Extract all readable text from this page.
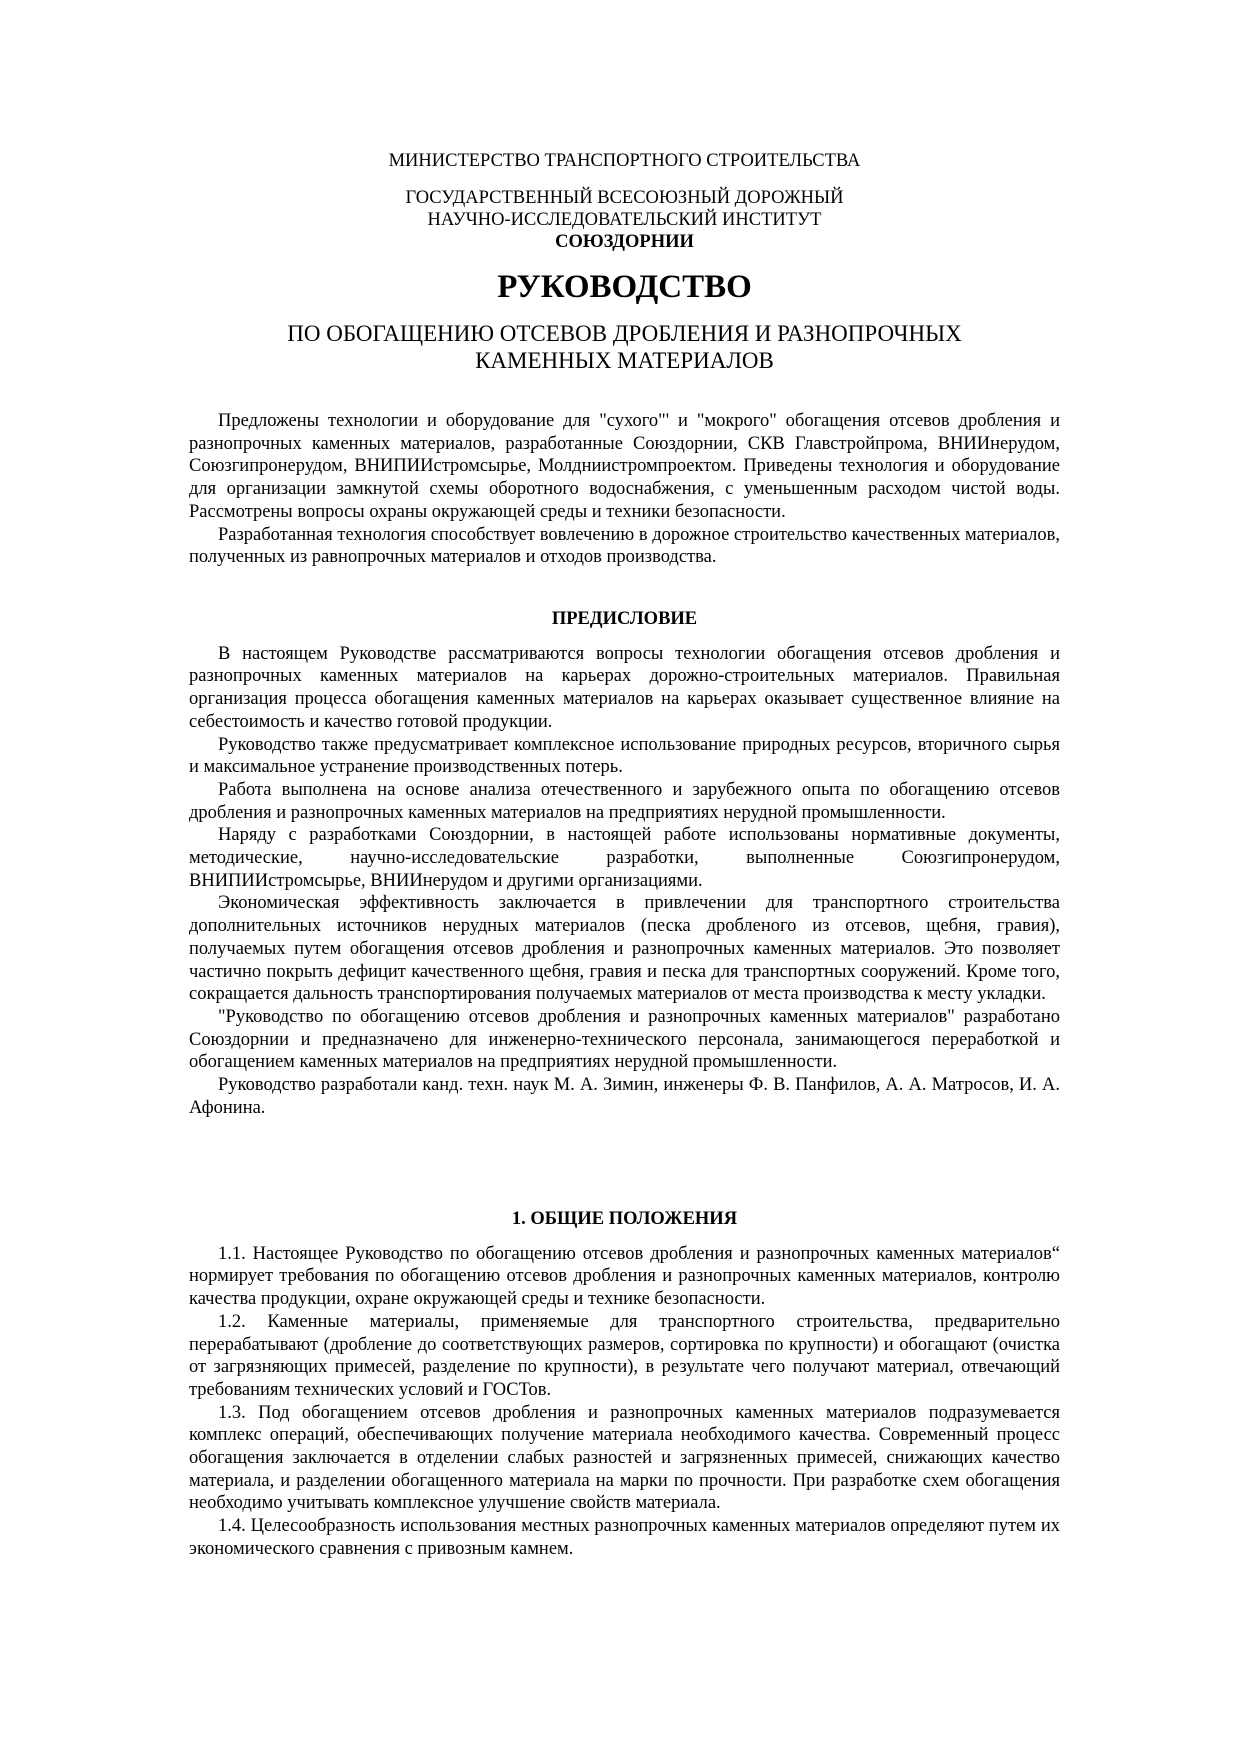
МИНИСТЕРСТВО ТРАНСПОРТНОГО СТРОИТЕЛЬСТВА
ГОСУДАРСТВЕННЫЙ ВСЕСОЮЗНЫЙ ДОРОЖНЫЙ
НАУЧНО-ИССЛЕДОВАТЕЛЬСКИЙ ИНСТИТУТ
СОЮЗДОРНИИ
РУКОВОДСТВО
ПО ОБОГАЩЕНИЮ ОТСЕВОВ ДРОБЛЕНИЯ И РАЗНОПРОЧНЫХ
КАМЕННЫХ МАТЕРИАЛОВ

Предложены технологии и оборудование для "сухого"' и "мокрого" обогащения отсевов дробления и разнопрочных каменных материалов, разработанные Союздорнии, СКВ Главстройпрома, ВНИИнерудом, Союзгипронерудом, ВНИПИИстромсырье, Молдниистромпроектом. Приведены технология и оборудование для организации замкнутой схемы оборотного водоснабжения, с уменьшенным расходом чистой воды. Рассмотрены вопросы охраны окружающей среды и техники безопасности.

Разработанная технология способствует вовлечению в дорожное строительство качественных материалов, полученных из равнопрочных материалов и отходов производства.

ПРЕДИСЛОВИЕ

В настоящем Руководстве рассматриваются вопросы технологии обогащения отсевов дробления и разнопрочных каменных материалов на карьерах дорожно-строительных материалов. Правильная организация процесса обогащения каменных материалов на карьерах оказывает существенное влияние на себестоимость и качество готовой продукции.

Руководство также предусматривает комплексное использование природных ресурсов, вторичного сырья и максимальное устранение производственных потерь.

Работа выполнена на основе анализа отечественного и зарубежного опыта по обогащению отсевов дробления и разнопрочных каменных материалов на предприятиях нерудной промышленности.

Наряду с разработками Союздорнии, в настоящей работе использованы нормативные документы, методические, научно-исследовательские разработки, выполненные Союзгипронерудом, ВНИПИИстромсырье, ВНИИнерудом и другими организациями.

Экономическая эффективность заключается в привлечении для транспортного строительства дополнительных источников нерудных материалов (песка дробленого из отсевов, щебня, гравия), получаемых путем обогащения отсевов дробления и разнопрочных каменных материалов. Это позволяет частично покрыть дефицит качественного щебня, гравия и песка для транспортных сооружений. Кроме того, сокращается дальность транспортирования получаемых материалов от места производства к месту укладки.

"Руководство по обогащению отсевов дробления и разнопрочных каменных материалов" разработано Союздорнии и предназначено для инженерно-технического персонала, занимающегося переработкой и обогащением каменных материалов на предприятиях нерудной промышленности.

Руководство разработали канд. техн. наук М. А. Зимин, инженеры Ф. В. Панфилов, А. А. Матросов, И. А. Афонина.

1. ОБЩИЕ ПОЛОЖЕНИЯ

1.1. Настоящее Руководство по обогащению отсевов дробления и разнопрочных каменных материалов“ нормирует требования по обогащению отсевов дробления и разнопрочных каменных материалов, контролю качества продукции, охране окружающей среды и технике безопасности.

1.2. Каменные материалы, применяемые для транспортного строительства, предварительно перерабатывают (дробление до соответствующих размеров, сортировка по крупности) и обогащают (очистка от загрязняющих примесей, разделение по крупности), в результате чего получают материал, отвечающий требованиям технических условий и ГОСТов.

1.3. Под обогащением отсевов дробления и разнопрочных каменных материалов подразумевается комплекс операций, обеспечивающих получение материала необходимого качества. Современный процесс обогащения заключается в отделении слабых разностей и загрязненных примесей, снижающих качество материала, и разделении обогащенного материала на марки по прочности. При разработке схем обогащения необходимо учитывать комплексное улучшение свойств материала.

1.4. Целесообразность использования местных разнопрочных каменных материалов определяют путем их экономического сравнения с привозным камнем.
